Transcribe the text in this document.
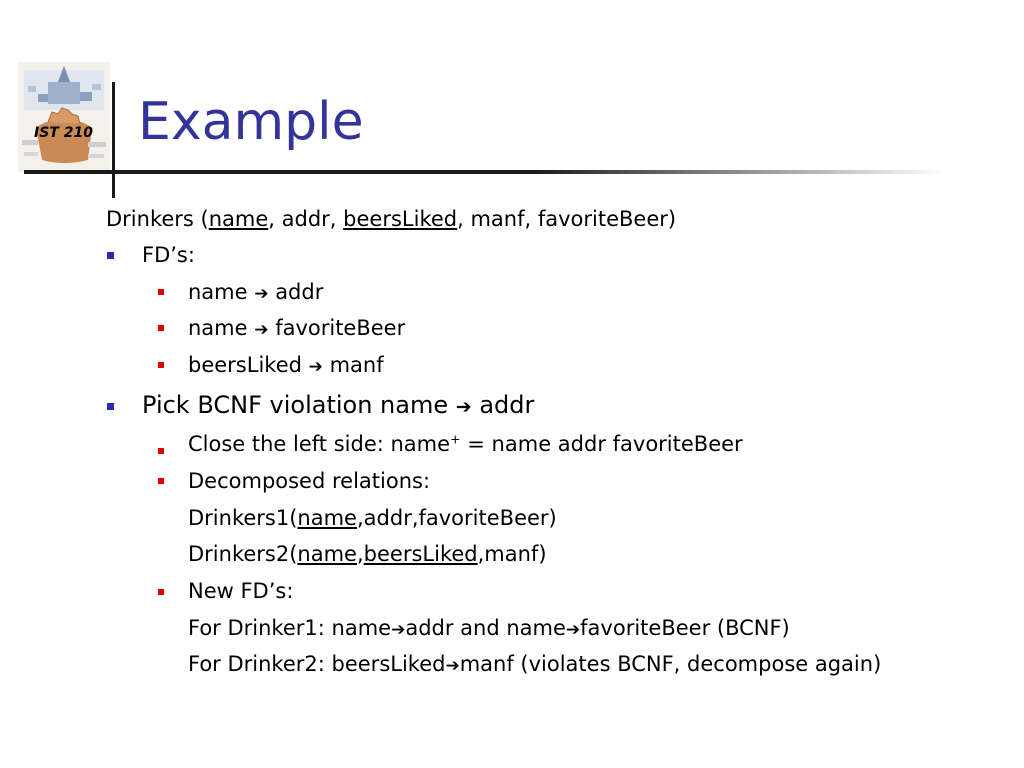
IST 210 Example
Drinkers (name, addr, beersLiked, manf, favoriteBeer)
FD’s:
name ➔ addr
name ➔ favoriteBeer
beersLiked ➔ manf
Pick BCNF violation name ➔ addr
Close the left side: name+ = name addr favoriteBeer
Decomposed relations:
Drinkers1(name,addr,favoriteBeer)
Drinkers2(name,beersLiked,manf)
New FD’s:
For Drinker1: name➔addr and name➔favoriteBeer (BCNF)
For Drinker2: beersLiked➔manf (violates BCNF, decompose again)
